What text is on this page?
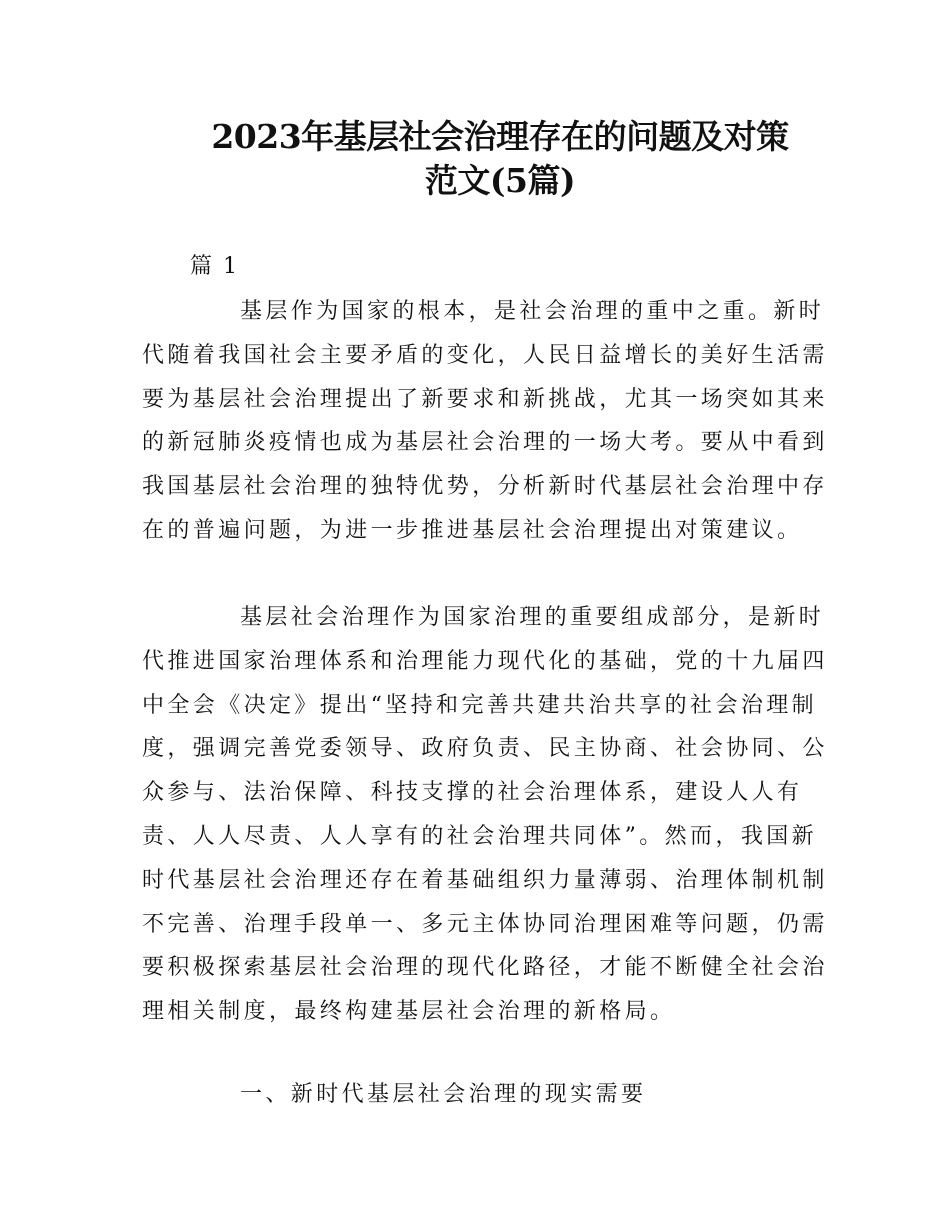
2023年基层社会治理存在的问题及对策
范文(5篇)
篇 1
基层作为国家的根本，是社会治理的重中之重。新时
代随着我国社会主要矛盾的变化，人民日益增长的美好生活需
要为基层社会治理提出了新要求和新挑战，尤其一场突如其来
的新冠肺炎疫情也成为基层社会治理的一场大考。要从中看到
我国基层社会治理的独特优势，分析新时代基层社会治理中存
在的普遍问题，为进一步推进基层社会治理提出对策建议。
基层社会治理作为国家治理的重要组成部分，是新时
代推进国家治理体系和治理能力现代化的基础，党的十九届四
中全会《决定》提出“坚持和完善共建共治共享的社会治理制
度，强调完善党委领导、政府负责、民主协商、社会协同、公
众参与、法治保障、科技支撑的社会治理体系，建设人人有
责、人人尽责、人人享有的社会治理共同体”。然而，我国新
时代基层社会治理还存在着基础组织力量薄弱、治理体制机制
不完善、治理手段单一、多元主体协同治理困难等问题，仍需
要积极探索基层社会治理的现代化路径，才能不断健全社会治
理相关制度，最终构建基层社会治理的新格局。
一、新时代基层社会治理的现实需要
